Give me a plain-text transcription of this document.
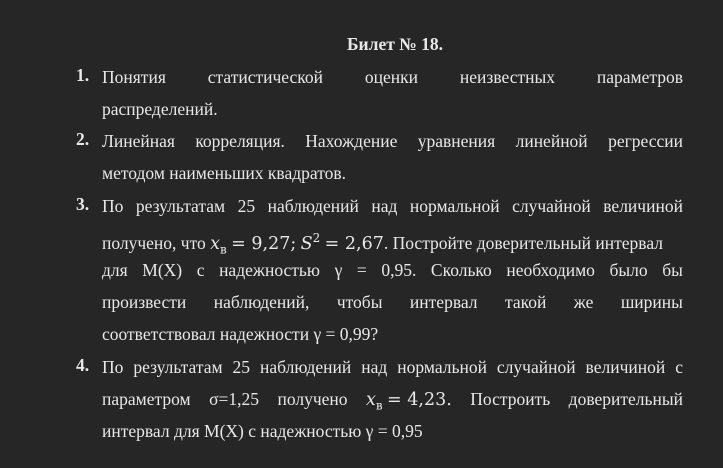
Билет № 18.
1. Понятия статистической оценки неизвестных параметров
распределений.
2. Линейная корреляция. Нахождение уравнения линейной регрессии
методом наименьших квадратов.
3. По результатам 25 наблюдений над нормальной случайной величиной
получено, что $x_в = 9,27$; $S^2 = 2,67$. Постройте доверительный интервал
для M(X) с надежностью γ = 0,95. Сколько необходимо было бы
произвести наблюдений, чтобы интервал такой же ширины
соответствовал надежности γ = 0,99?
4. По результатам 25 наблюдений над нормальной случайной величиной с
параметром σ=1,25 получено $x_в = 4,23$. Построить доверительный
интервал для M(X) с надежностью γ = 0,95
